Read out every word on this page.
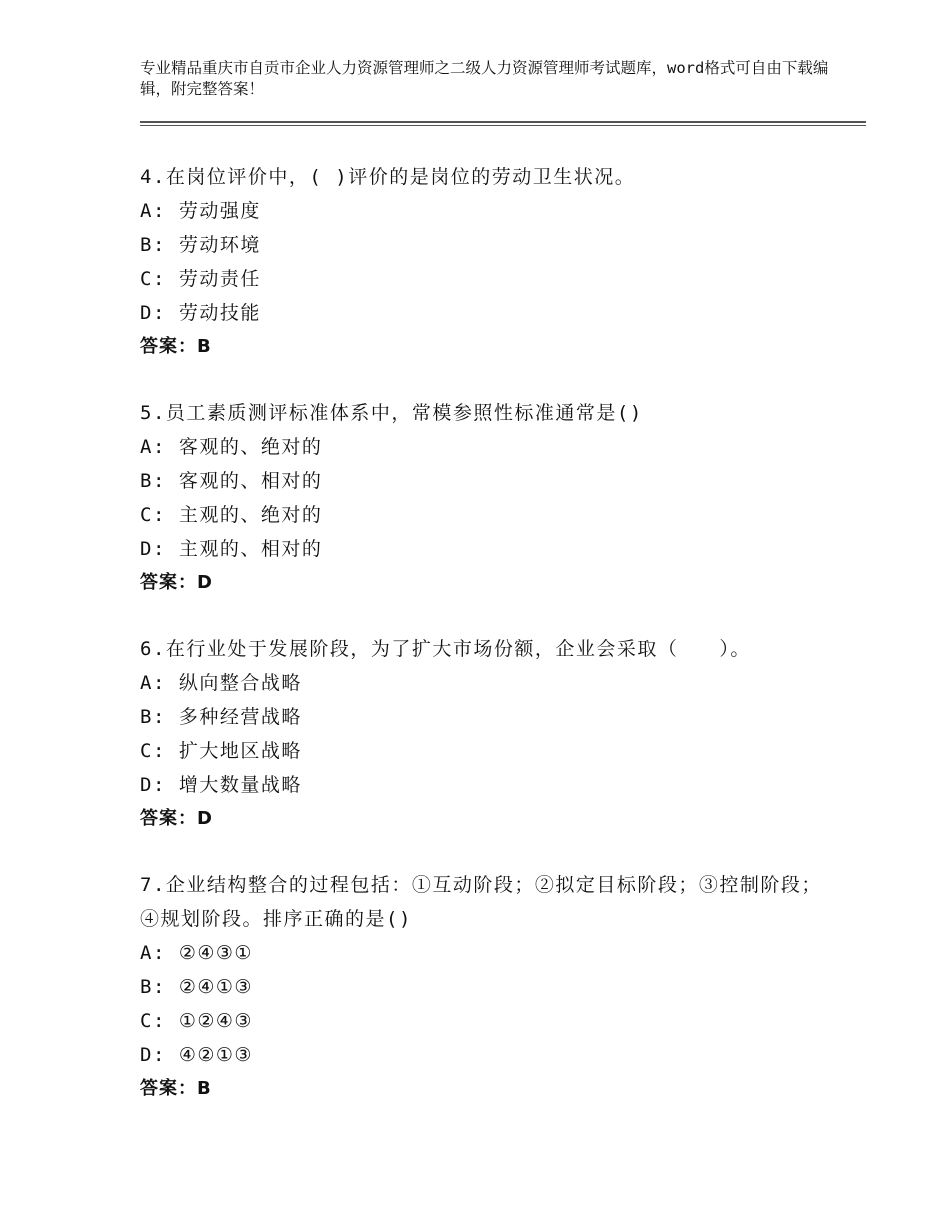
专业精品重庆市自贡市企业人力资源管理师之二级人力资源管理师考试题库，word格式可自由下载编辑，附完整答案！
4.在岗位评价中，( )评价的是岗位的劳动卫生状况。
A: 劳动强度
B: 劳动环境
C: 劳动责任
D: 劳动技能
答案：B
5.员工素质测评标准体系中，常模参照性标准通常是()
A: 客观的、绝对的
B: 客观的、相对的
C: 主观的、绝对的
D: 主观的、相对的
答案：D
6.在行业处于发展阶段，为了扩大市场份额，企业会采取（　　）。
A: 纵向整合战略
B: 多种经营战略
C: 扩大地区战略
D: 增大数量战略
答案：D
7.企业结构整合的过程包括：①互动阶段；②拟定目标阶段；③控制阶段；④规划阶段。排序正确的是()
A: ②④③①
B: ②④①③
C: ①②④③
D: ④②①③
答案：B
